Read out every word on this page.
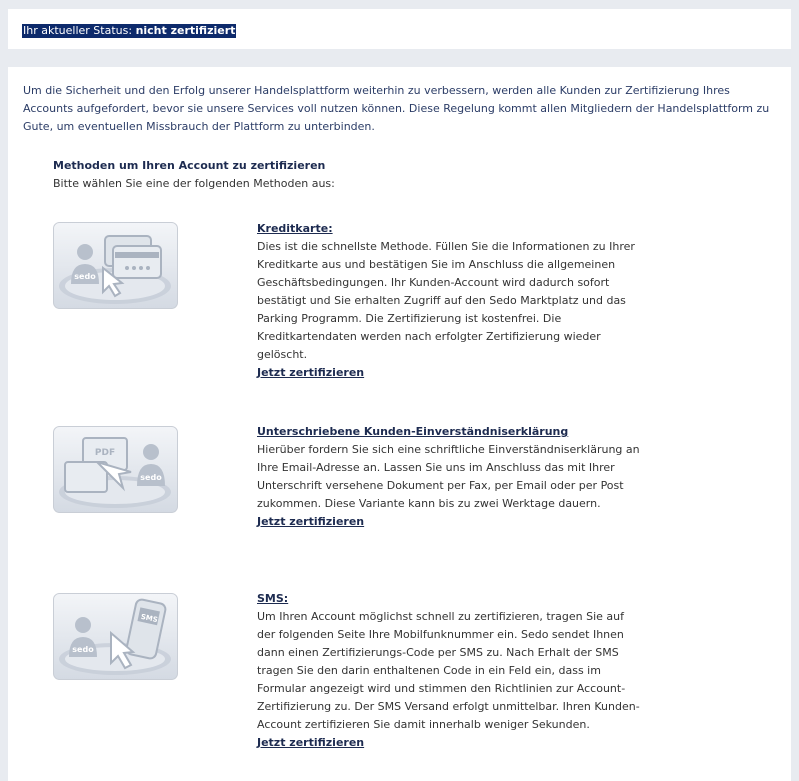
Ihr aktueller Status: nicht zertifiziert
Um die Sicherheit und den Erfolg unserer Handelsplattform weiterhin zu verbessern, werden alle Kunden zur Zertifizierung Ihres Accounts aufgefordert, bevor sie unsere Services voll nutzen können. Diese Regelung kommt allen Mitgliedern der Handelsplattform zu Gute, um eventuellen Missbrauch der Plattform zu unterbinden.
Methoden um Ihren Account zu zertifizieren
Bitte wählen Sie eine der folgenden Methoden aus:
sedo
Kreditkarte:
Dies ist die schnellste Methode. Füllen Sie die Informationen zu Ihrer Kreditkarte aus und bestätigen Sie im Anschluss die allgemeinen Geschäftsbedingungen. Ihr Kunden-Account wird dadurch sofort bestätigt und Sie erhalten Zugriff auf den Sedo Marktplatz und das Parking Programm. Die Zertifizierung ist kostenfrei. Die Kreditkartendaten werden nach erfolgter Zertifizierung wieder gelöscht.
Jetzt zertifizieren
PDF
sedo
Unterschriebene Kunden-Einverständniserklärung
Hierüber fordern Sie sich eine schriftliche Einverständniserklärung an Ihre Email-Adresse an. Lassen Sie uns im Anschluss das mit Ihrer Unterschrift versehene Dokument per Fax, per Email oder per Post zukommen. Diese Variante kann bis zu zwei Werktage dauern.
Jetzt zertifizieren
sedo
SMS
SMS:
Um Ihren Account möglichst schnell zu zertifizieren, tragen Sie auf der folgenden Seite Ihre Mobilfunknummer ein. Sedo sendet Ihnen dann einen Zertifizierungs-Code per SMS zu. Nach Erhalt der SMS tragen Sie den darin enthaltenen Code in ein Feld ein, dass im Formular angezeigt wird und stimmen den Richtlinien zur Account-Zertifizierung zu. Der SMS Versand erfolgt unmittelbar. Ihren Kunden-Account zertifizieren Sie damit innerhalb weniger Sekunden.
Jetzt zertifizieren
